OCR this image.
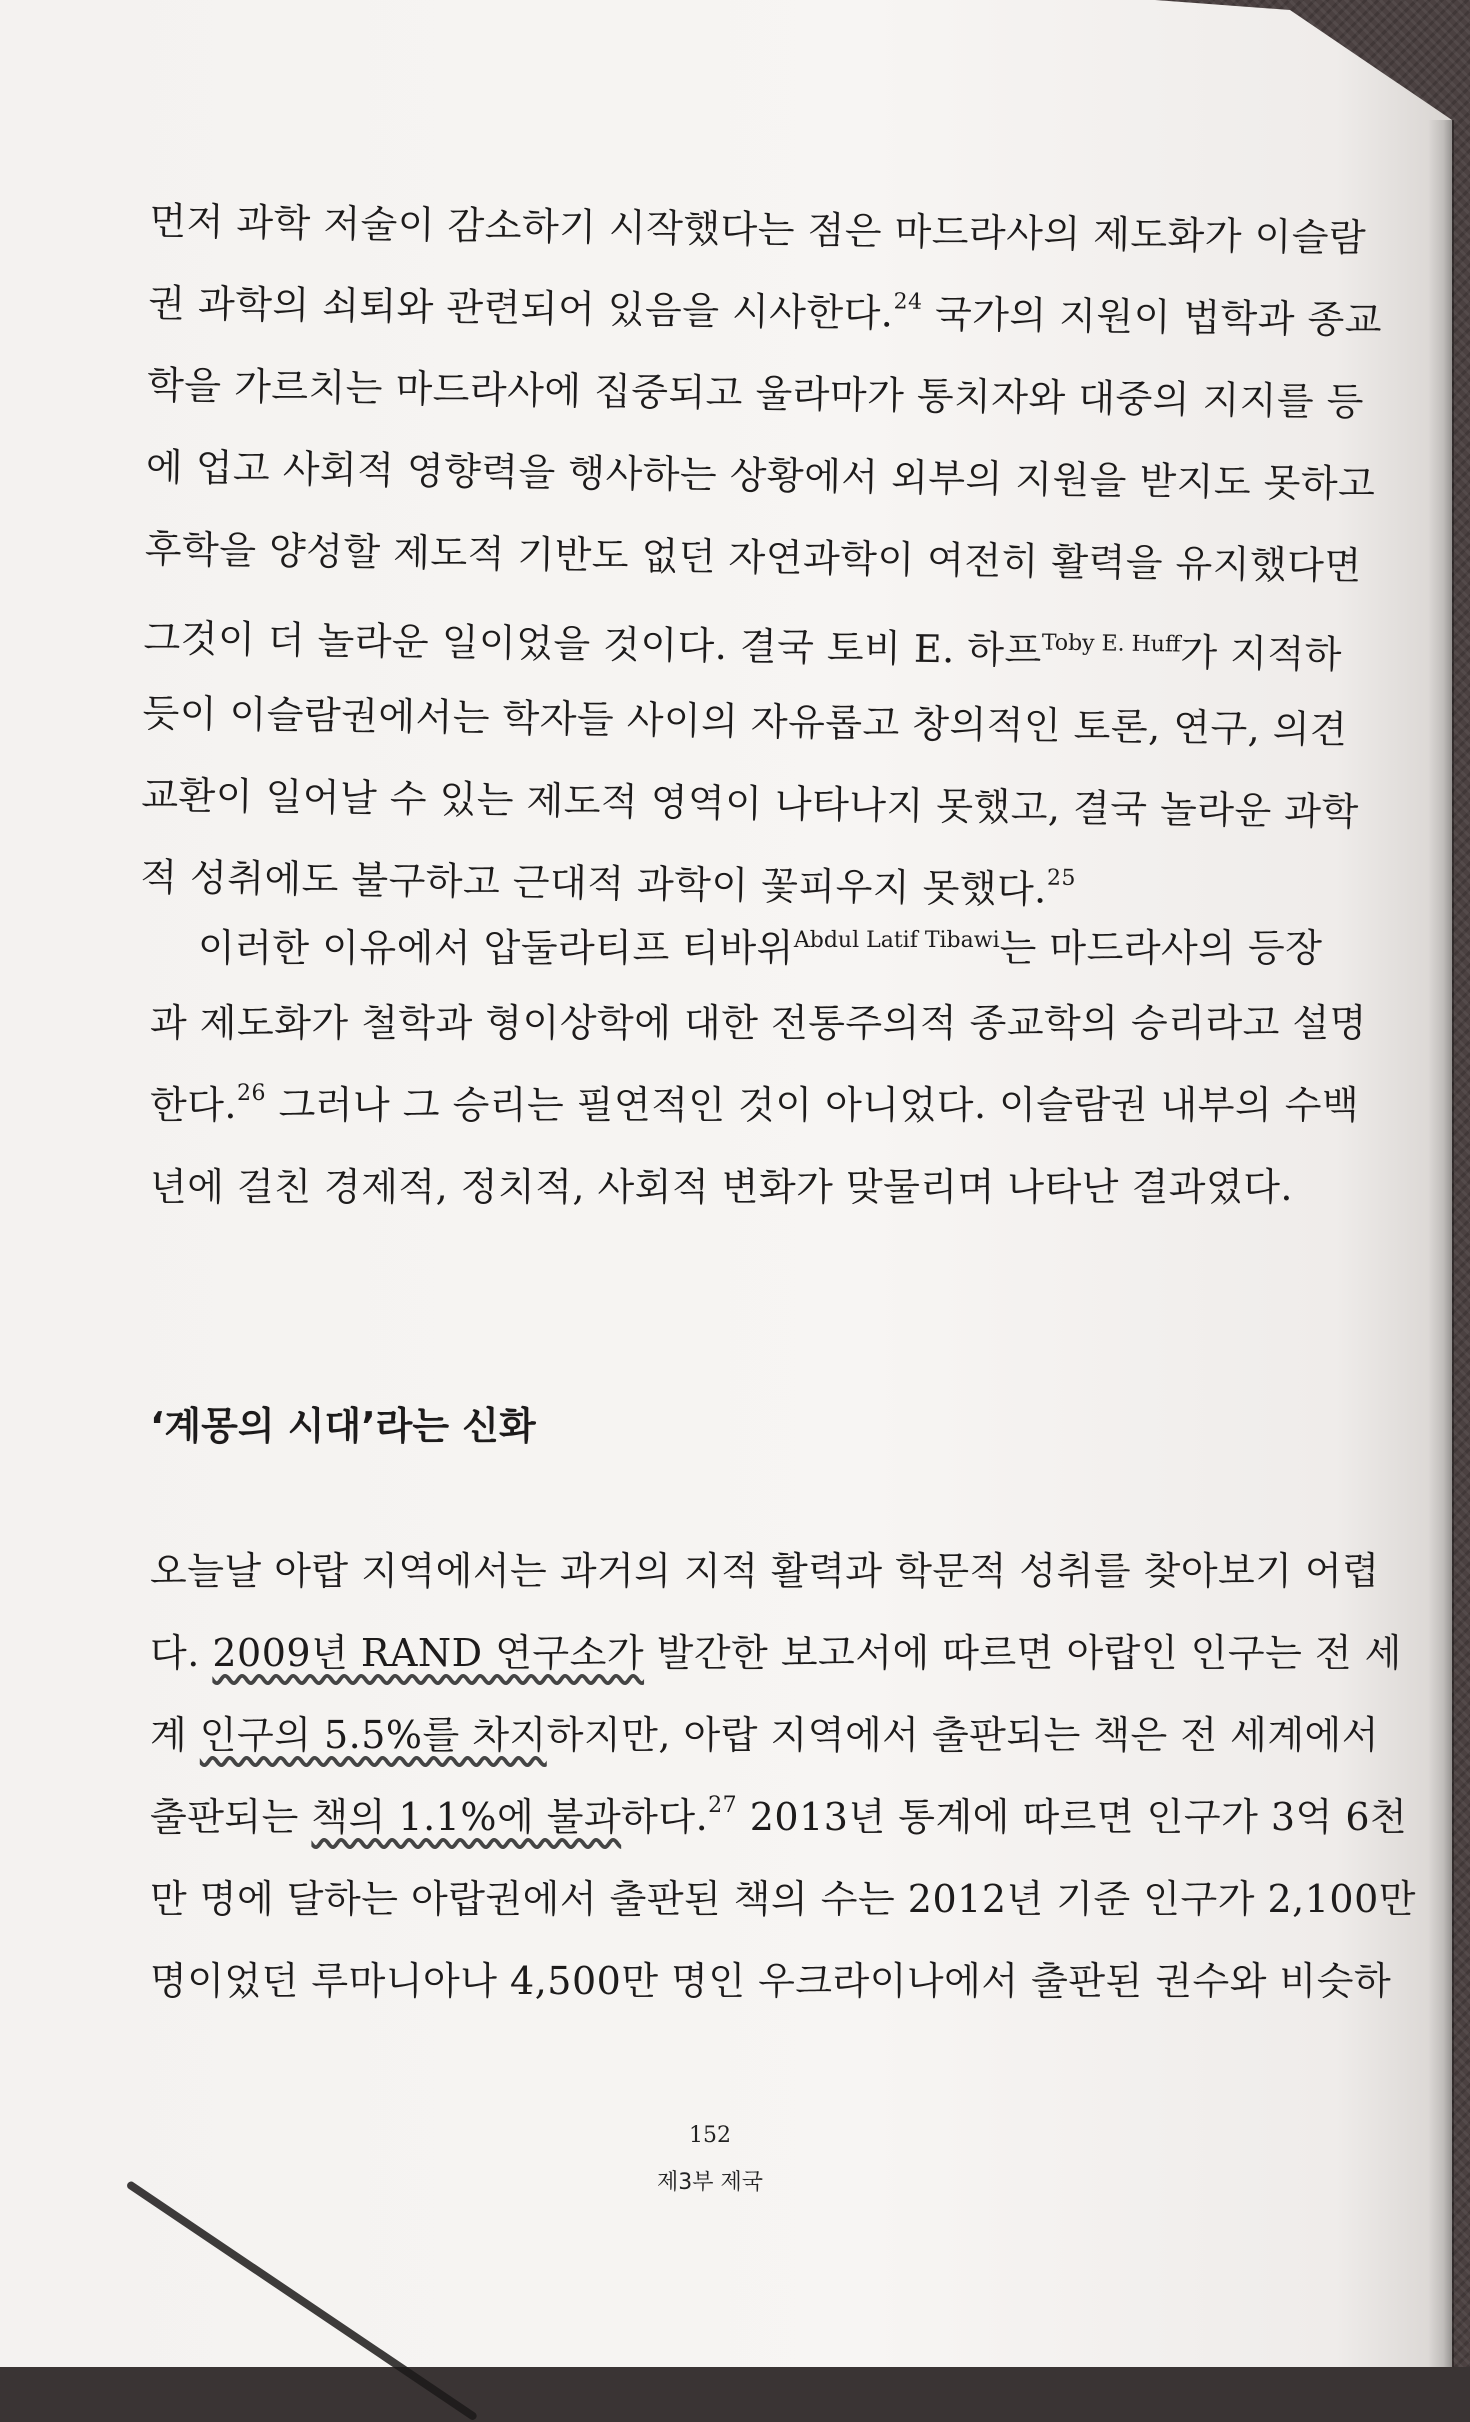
먼저 과학 저술이 감소하기 시작했다는 점은 마드라사의 제도화가 이슬람
권 과학의 쇠퇴와 관련되어 있음을 시사한다.$^{24}$ 국가의 지원이 법학과 종교
학을 가르치는 마드라사에 집중되고 울라마가 통치자와 대중의 지지를 등
에 업고 사회적 영향력을 행사하는 상황에서 외부의 지원을 받지도 못하고
후학을 양성할 제도적 기반도 없던 자연과학이 여전히 활력을 유지했다면
그것이 더 놀라운 일이었을 것이다. 결국 토비 E. 하프$^{Toby E. Huff}$가 지적하
듯이 이슬람권에서는 학자들 사이의 자유롭고 창의적인 토론, 연구, 의견
교환이 일어날 수 있는 제도적 영역이 나타나지 못했고, 결국 놀라운 과학
적 성취에도 불구하고 근대적 과학이 꽃피우지 못했다.$^{25}$
이러한 이유에서 압둘라티프 티바위$^{Abdul Latif Tibawi}$는 마드라사의 등장
과 제도화가 철학과 형이상학에 대한 전통주의적 종교학의 승리라고 설명
한다.$^{26}$ 그러나 그 승리는 필연적인 것이 아니었다. 이슬람권 내부의 수백
년에 걸친 경제적, 정치적, 사회적 변화가 맞물리며 나타난 결과였다.
‘계몽의 시대’라는 신화
오늘날 아랍 지역에서는 과거의 지적 활력과 학문적 성취를 찾아보기 어렵
다. 2009년 RAND 연구소가 발간한 보고서에 따르면 아랍인 인구는 전 세
계 인구의 5.5%를 차지하지만, 아랍 지역에서 출판되는 책은 전 세계에서
출판되는 책의 1.1%에 불과하다.$^{27}$ 2013년 통계에 따르면 인구가 3억 6천
만 명에 달하는 아랍권에서 출판된 책의 수는 2012년 기준 인구가 2,100만
명이었던 루마니아나 4,500만 명인 우크라이나에서 출판된 권수와 비슷하
152
제3부 제국
